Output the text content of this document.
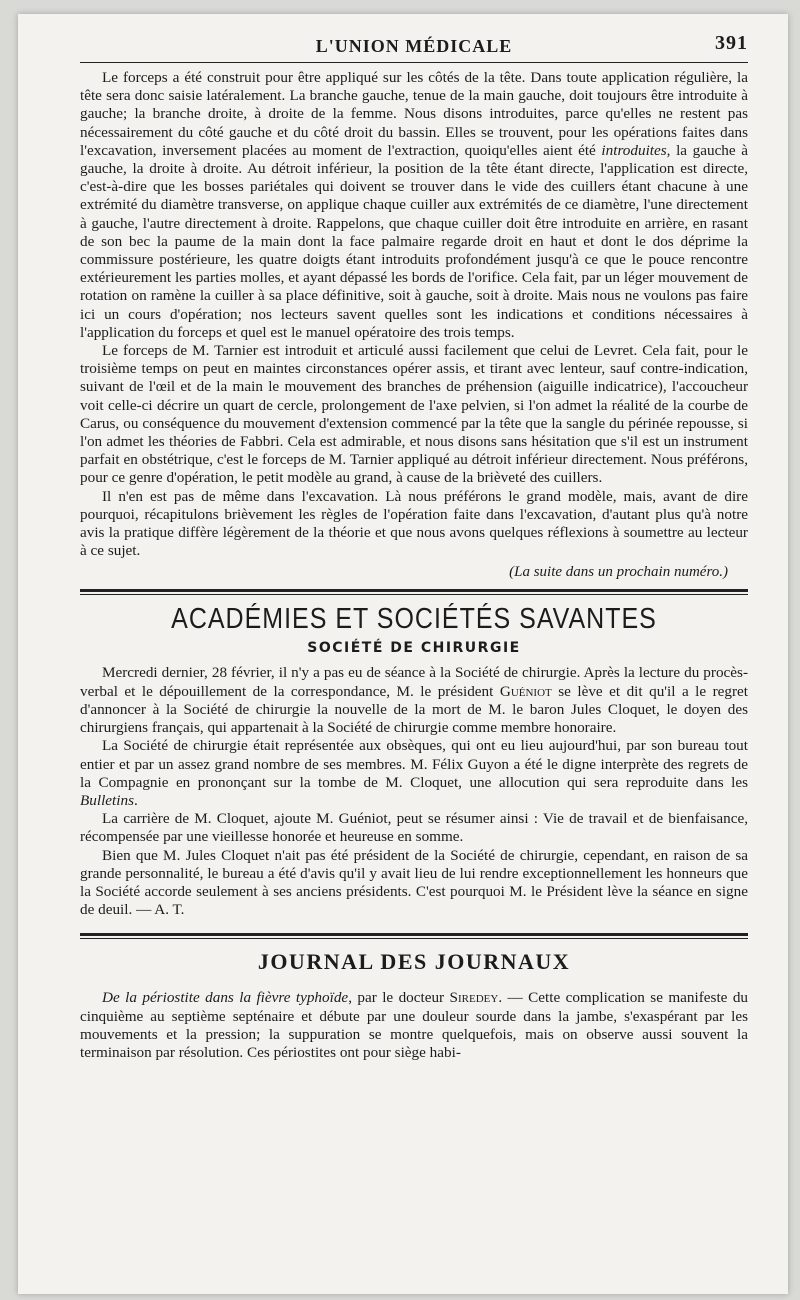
L'UNION MÉDICALE	391

Le forceps a été construit pour être appliqué sur les côtés de la tête. Dans toute application régulière, la tête sera donc saisie latéralement. La branche gauche, tenue de la main gauche, doit toujours être introduite à gauche; la branche droite, à droite de la femme. Nous disons introduites, parce qu'elles ne restent pas nécessairement du côté gauche et du côté droit du bassin. Elles se trouvent, pour les opérations faites dans l'excavation, inversement placées au moment de l'extraction, quoiqu'elles aient été introduites, la gauche à gauche, la droite à droite. Au détroit inférieur, la position de la tête étant directe, l'application est directe, c'est-à-dire que les bosses pariétales qui doivent se trouver dans le vide des cuillers étant chacune à une extrémité du diamètre transverse, on applique chaque cuiller aux extrémités de ce diamètre, l'une directement à gauche, l'autre directement à droite. Rappelons, que chaque cuiller doit être introduite en arrière, en rasant de son bec la paume de la main dont la face palmaire regarde droit en haut et dont le dos déprime la commissure postérieure, les quatre doigts étant introduits profondément jusqu'à ce que le pouce rencontre extérieurement les parties molles, et ayant dépassé les bords de l'orifice. Cela fait, par un léger mouvement de rotation on ramène la cuiller à sa place définitive, soit à gauche, soit à droite. Mais nous ne voulons pas faire ici un cours d'opération; nos lecteurs savent quelles sont les indications et conditions nécessaires à l'application du forceps et quel est le manuel opératoire des trois temps.

Le forceps de M. Tarnier est introduit et articulé aussi facilement que celui de Levret. Cela fait, pour le troisième temps on peut en maintes circonstances opérer assis, et tirant avec lenteur, sauf contre-indication, suivant de l'œil et de la main le mouvement des branches de préhension (aiguille indicatrice), l'accoucheur voit celle-ci décrire un quart de cercle, prolongement de l'axe pelvien, si l'on admet la réalité de la courbe de Carus, ou conséquence du mouvement d'extension commencé par la tête que la sangle du périnée repousse, si l'on admet les théories de Fabbri. Cela est admirable, et nous disons sans hésitation que s'il est un instrument parfait en obstétrique, c'est le forceps de M. Tarnier appliqué au détroit inférieur directement. Nous préférons, pour ce genre d'opération, le petit modèle au grand, à cause de la brièveté des cuillers.

Il n'en est pas de même dans l'excavation. Là nous préférons le grand modèle, mais, avant de dire pourquoi, récapitulons brièvement les règles de l'opération faite dans l'excavation, d'autant plus qu'à notre avis la pratique diffère légèrement de la théorie et que nous avons quelques réflexions à soumettre au lecteur à ce sujet.

(La suite dans un prochain numéro.)
ACADÉMIES ET SOCIÉTÉS SAVANTES
SOCIÉTÉ DE CHIRURGIE

Mercredi dernier, 28 février, il n'y a pas eu de séance à la Société de chirurgie. Après la lecture du procès-verbal et le dépouillement de la correspondance, M. le président Guéniot se lève et dit qu'il a le regret d'annoncer à la Société de chirurgie la nouvelle de la mort de M. le baron Jules Cloquet, le doyen des chirurgiens français, qui appartenait à la Société de chirurgie comme membre honoraire.

La Société de chirurgie était représentée aux obsèques, qui ont eu lieu aujourd'hui, par son bureau tout entier et par un assez grand nombre de ses membres. M. Félix Guyon a été le digne interprète des regrets de la Compagnie en prononçant sur la tombe de M. Cloquet, une allocution qui sera reproduite dans les Bulletins.

La carrière de M. Cloquet, ajoute M. Guéniot, peut se résumer ainsi : Vie de travail et de bienfaisance, récompensée par une vieillesse honorée et heureuse en somme.

Bien que M. Jules Cloquet n'ait pas été président de la Société de chirurgie, cependant, en raison de sa grande personnalité, le bureau a été d'avis qu'il y avait lieu de lui rendre exceptionnellement les honneurs que la Société accorde seulement à ses anciens présidents. C'est pourquoi M. le Président lève la séance en signe de deuil. — A. T.

JOURNAL DES JOURNAUX

De la périostite dans la fièvre typhoïde, par le docteur Siredey. — Cette complication se manifeste du cinquième au septième septénaire et débute par une douleur sourde dans la jambe, s'exaspérant par les mouvements et la pression; la suppuration se montre quelquefois, mais on observe aussi souvent la terminaison par résolution. Ces périostites ont pour siège habi-
